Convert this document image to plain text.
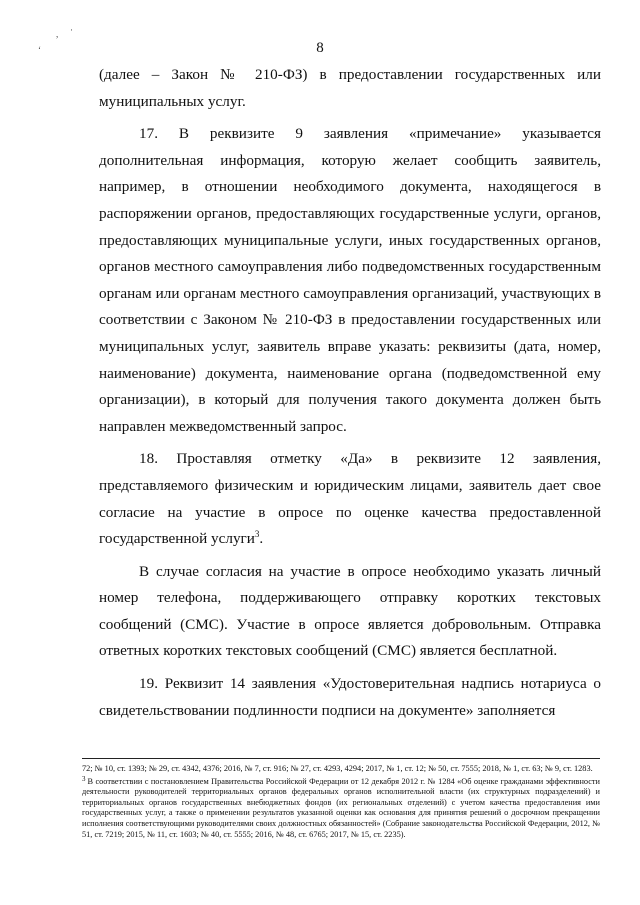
, ·
‘	8

(далее – Закон № 210-ФЗ) в предоставлении государственных или муниципальных услуг.

17. В реквизите 9 заявления «примечание» указывается дополнительная информация, которую желает сообщить заявитель, например, в отношении необходимого документа, находящегося в распоряжении органов, предоставляющих государственные услуги, органов, предоставляющих муниципальные услуги, иных государственных органов, органов местного самоуправления либо подведомственных государственным органам или органам местного самоуправления организаций, участвующих в соответствии с Законом № 210-ФЗ в предоставлении государственных или муниципальных услуг, заявитель вправе указать: реквизиты (дата, номер, наименование) документа, наименование органа (подведомственной ему организации), в который для получения такого документа должен быть направлен межведомственный запрос.

18. Проставляя отметку «Да» в реквизите 12 заявления, представляемого физическим и юридическим лицами, заявитель дает свое согласие на участие в опросе по оценке качества предоставленной государственной услуги$^3$.

В случае согласия на участие в опросе необходимо указать личный номер телефона, поддерживающего отправку коротких текстовых сообщений (СМС). Участие в опросе является добровольным. Отправка ответных коротких текстовых сообщений (СМС) является бесплатной.

19. Реквизит 14 заявления «Удостоверительная надпись нотариуса о свидетельствовании подлинности подписи на документе» заполняется

72; № 10, ст. 1393; № 29, ст. 4342, 4376; 2016, № 7, ст. 916; № 27, ст. 4293, 4294; 2017, № 1, ст. 12; № 50, ст. 7555; 2018, № 1, ст. 63; № 9, ст. 1283.

$^3$ В соответствии с постановлением Правительства Российской Федерации от 12 декабря 2012 г. № 1284 «Об оценке гражданами эффективности деятельности руководителей территориальных органов федеральных органов исполнительной власти (их структурных подразделений) и территориальных органов государственных внебюджетных фондов (их региональных отделений) с учетом качества предоставления ими государственных услуг, а также о применении результатов указанной оценки как основания для принятия решений о досрочном прекращении исполнения соответствующими руководителями своих должностных обязанностей» (Собрание законодательства Российской Федерации, 2012, № 51, ст. 7219; 2015, № 11, ст. 1603; № 40, ст. 5555; 2016, № 48, ст. 6765; 2017, № 15, ст. 2235).
